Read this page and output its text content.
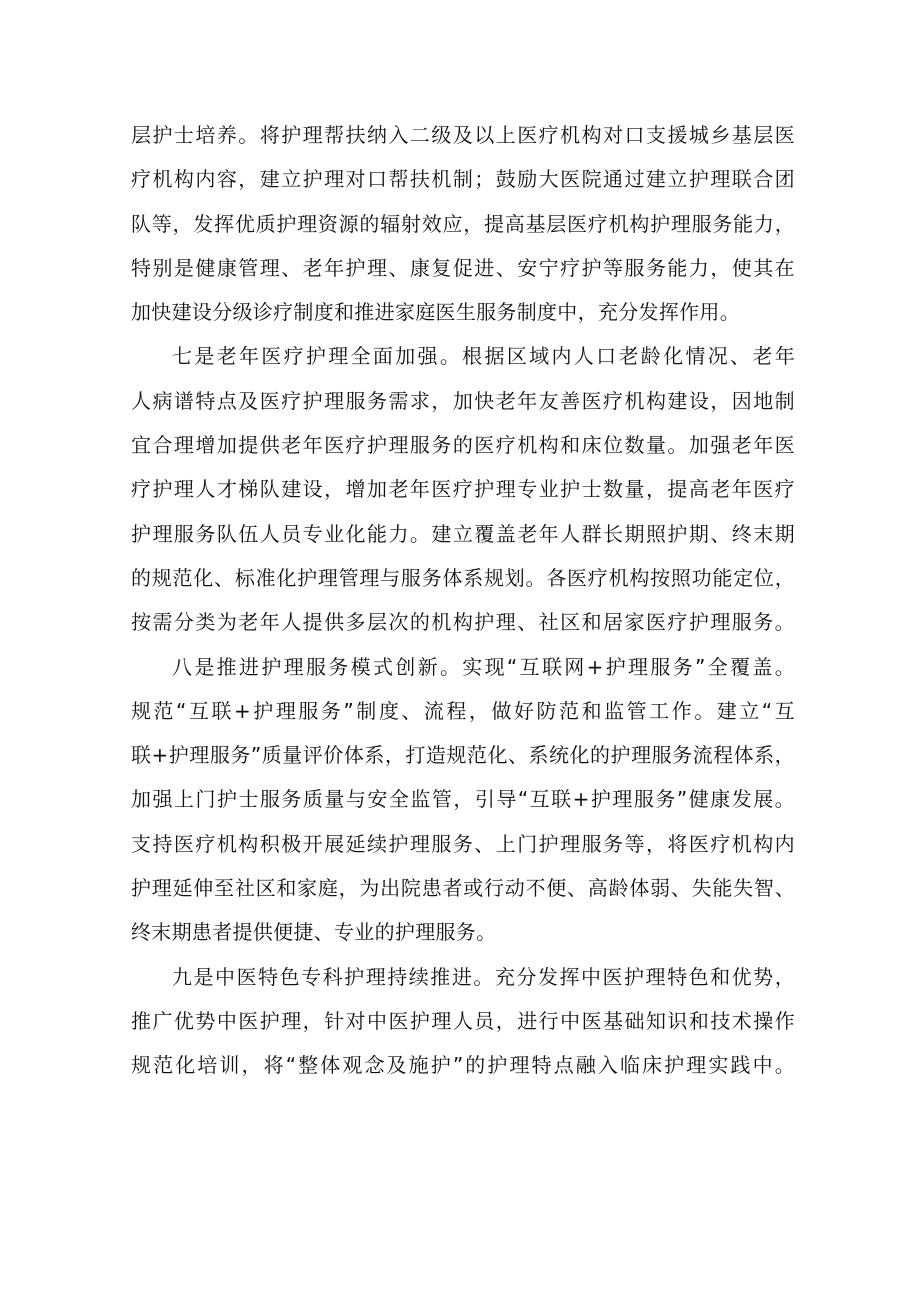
层护士培养。将护理帮扶纳入二级及以上医疗机构对口支援城乡基层医
疗机构内容，建立护理对口帮扶机制；鼓励大医院通过建立护理联合团
队等，发挥优质护理资源的辐射效应，提高基层医疗机构护理服务能力，
特别是健康管理、老年护理、康复促进、安宁疗护等服务能力，使其在
加快建设分级诊疗制度和推进家庭医生服务制度中，充分发挥作用。
七是老年医疗护理全面加强。根据区域内人口老龄化情况、老年
人病谱特点及医疗护理服务需求，加快老年友善医疗机构建设，因地制
宜合理增加提供老年医疗护理服务的医疗机构和床位数量。加强老年医
疗护理人才梯队建设，增加老年医疗护理专业护士数量，提高老年医疗
护理服务队伍人员专业化能力。建立覆盖老年人群长期照护期、终末期
的规范化、标准化护理管理与服务体系规划。各医疗机构按照功能定位，
按需分类为老年人提供多层次的机构护理、社区和居家医疗护理服务。
八是推进护理服务模式创新。实现“互联网+护理服务”全覆盖。
规范“互联+护理服务”制度、流程，做好防范和监管工作。建立“互
联+护理服务”质量评价体系，打造规范化、系统化的护理服务流程体系，
加强上门护士服务质量与安全监管，引导“互联+护理服务”健康发展。
支持医疗机构积极开展延续护理服务、上门护理服务等，将医疗机构内
护理延伸至社区和家庭，为出院患者或行动不便、高龄体弱、失能失智、
终末期患者提供便捷、专业的护理服务。
九是中医特色专科护理持续推进。充分发挥中医护理特色和优势，
推广优势中医护理，针对中医护理人员，进行中医基础知识和技术操作
规范化培训，将“整体观念及施护”的护理特点融入临床护理实践中。
